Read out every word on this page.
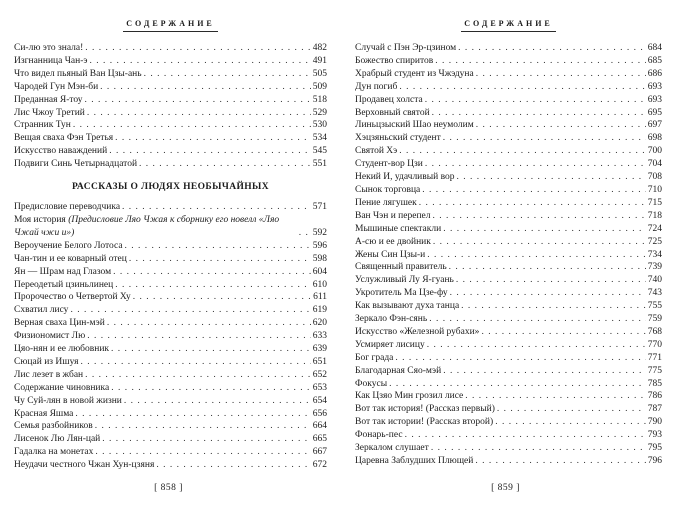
СОДЕРЖАНИЕ
Си-лю это знала! . . .	482
Изгнанница Чан-э . . .	491
Что видел пьяный Ван Цзы-ань . . .	505
Чародей Гун Мэн-би . . .	509
Преданная Я-тоу . . .	518
Лис Чжоу Третий . . .	529
Странник Тун . . .	530
Вещая сваха Фэн Третья . . .	534
Искусство наваждений . . .	545
Подвиги Синь Четырнадцатой . . .	551
РАССКАЗЫ О ЛЮДЯХ НЕОБЫЧАЙНЫХ
Предисловие переводчика . . .	571
Моя история (Предисловие Ляо Чжая к сборнику его новелл «Ляо Чжай чжи и») . . .	592
Вероучение Белого Лотоса . . .	596
Чан-тин и ее коварный отец . . .	598
Ян — Шрам над Глазом . . .	604
Переодетый цзиньлинец . . .	610
Пророчество о Четвертой Ху . . .	611
Схватил лису . . .	619
Верная сваха Цин-мэй . . .	620
Физиономист Лю . . .	633
Цяо-нян и ее любовник . . .	639
Сюцай из Ишуя . . .	651
Лис лезет в жбан . . .	652
Содержание чиновника . . .	653
Чу Суй-лян в новой жизни . . .	654
Красная Яшма . . .	656
Семья разбойников . . .	664
Лисенок Лю Лян-цай . . .	665
Гадалка на монетах . . .	667
Неудачи честного Чжан Хун-цзяня . . .	672
[ 858 ]
СОДЕРЖАНИЕ
Случай с Пэн Эр-цзином . . .	684
Божество спиритов . . .	685
Храбрый студент из Чжэдуна . . .	686
Дун погиб . . .	693
Продавец холста . . .	693
Верховный святой . . .	695
Линьцзыский Шао неумолим . . .	697
Хэцзяньский студент . . .	698
Святой Хэ . . .	700
Студент-вор Цзи . . .	704
Некий И, удачливый вор . . .	708
Сынок торговца . . .	710
Пение лягушек . . .	715
Ван Чэн и перепел . . .	718
Мышиные спектакли . . .	724
А-сю и ее двойник . . .	725
Жены Син Цзы-и . . .	734
Священный правитель . . .	739
Услужливый Лу Я-гуань . . .	740
Укротитель Ма Цзе-фу . . .	743
Как вызывают духа танца . . .	755
Зеркало Фэн-сянь . . .	759
Искусство «Железной рубахи» . . .	768
Усмиряет лисицу . . .	770
Бог града . . .	771
Благодарная Сяо-мэй . . .	775
Фокусы . . .	785
Как Цзяо Мин грозил лисе . . .	786
Вот так история! (Рассказ первый) . . .	787
Вот так истории! (Рассказ второй) . . .	790
Фонарь-пес . . .	793
Зеркалом слушает . . .	795
Царевна Заблудших Плющей . . .	796
[ 859 ]
